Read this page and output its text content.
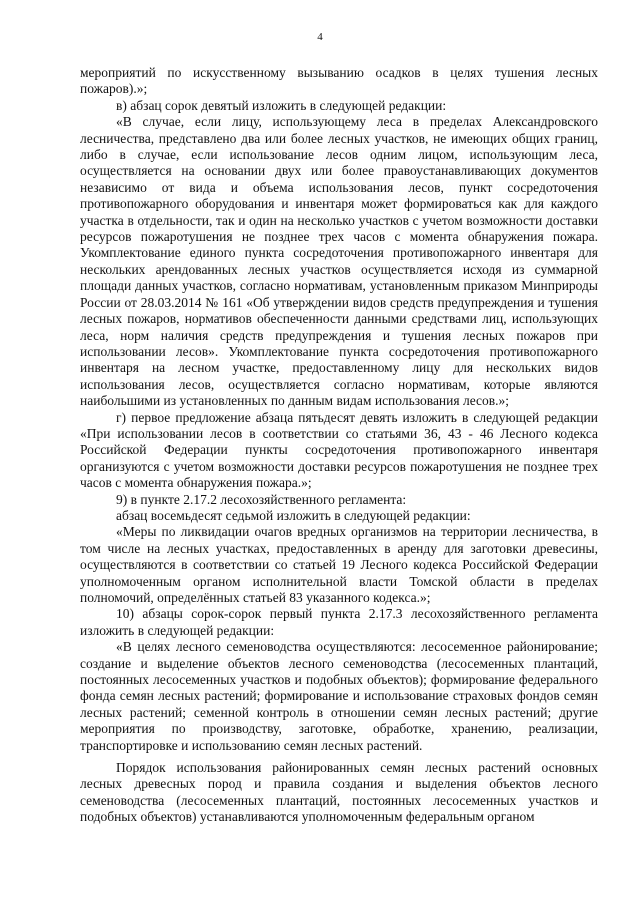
4

мероприятий по искусственному вызыванию осадков в целях тушения лесных пожаров).»;

в) абзац сорок девятый изложить в следующей редакции:

«В случае, если лицу, использующему леса в пределах Александровского лесничества, представлено два или более лесных участков, не имеющих общих границ, либо в случае, если использование лесов одним лицом, использующим леса, осуществляется на основании двух или более правоустанавливающих документов независимо от вида и объема использования лесов, пункт сосредоточения противопожарного оборудования и инвентаря может формироваться как для каждого участка в отдельности, так и один на несколько участков с учетом возможности доставки ресурсов пожаротушения не позднее трех часов с момента обнаружения пожара. Укомплектование единого пункта сосредоточения противопожарного инвентаря для нескольких арендованных лесных участков осуществляется исходя из суммарной площади данных участков, согласно нормативам, установленным приказом Минприроды России от 28.03.2014 № 161 «Об утверждении видов средств предупреждения и тушения лесных пожаров, нормативов обеспеченности данными средствами лиц, использующих леса, норм наличия средств предупреждения и тушения лесных пожаров при использовании лесов». Укомплектование пункта сосредоточения противопожарного инвентаря на лесном участке, предоставленному лицу для нескольких видов использования лесов, осуществляется согласно нормативам, которые являются наибольшими из установленных по данным видам использования лесов.»;

г) первое предложение абзаца пятьдесят девять изложить в следующей редакции «При использовании лесов в соответствии со статьями 36, 43 - 46 Лесного кодекса Российской Федерации пункты сосредоточения противопожарного инвентаря организуются с учетом возможности доставки ресурсов пожаротушения не позднее трех часов с момента обнаружения пожара.»;

9) в пункте 2.17.2 лесохозяйственного регламента:

абзац восемьдесят седьмой изложить в следующей редакции:

«Меры по ликвидации очагов вредных организмов на территории лесничества, в том числе на лесных участках, предоставленных в аренду для заготовки древесины, осуществляются в соответствии со статьей 19 Лесного кодекса Российской Федерации уполномоченным органом исполнительной власти Томской области в пределах полномочий, определённых статьей 83 указанного кодекса.»;

10) абзацы сорок-сорок первый пункта 2.17.3 лесохозяйственного регламента изложить в следующей редакции:

«В целях лесного семеноводства осуществляются: лесосеменное районирование; создание и выделение объектов лесного семеноводства (лесосеменных плантаций, постоянных лесосеменных участков и подобных объектов); формирование федерального фонда семян лесных растений; формирование и использование страховых фондов семян лесных растений; семенной контроль в отношении семян лесных растений; другие мероприятия по производству, заготовке, обработке, хранению, реализации, транспортировке и использованию семян лесных растений.

Порядок использования районированных семян лесных растений основных лесных древесных пород и правила создания и выделения объектов лесного семеноводства (лесосеменных плантаций, постоянных лесосеменных участков и подобных объектов) устанавливаются уполномоченным федеральным органом
